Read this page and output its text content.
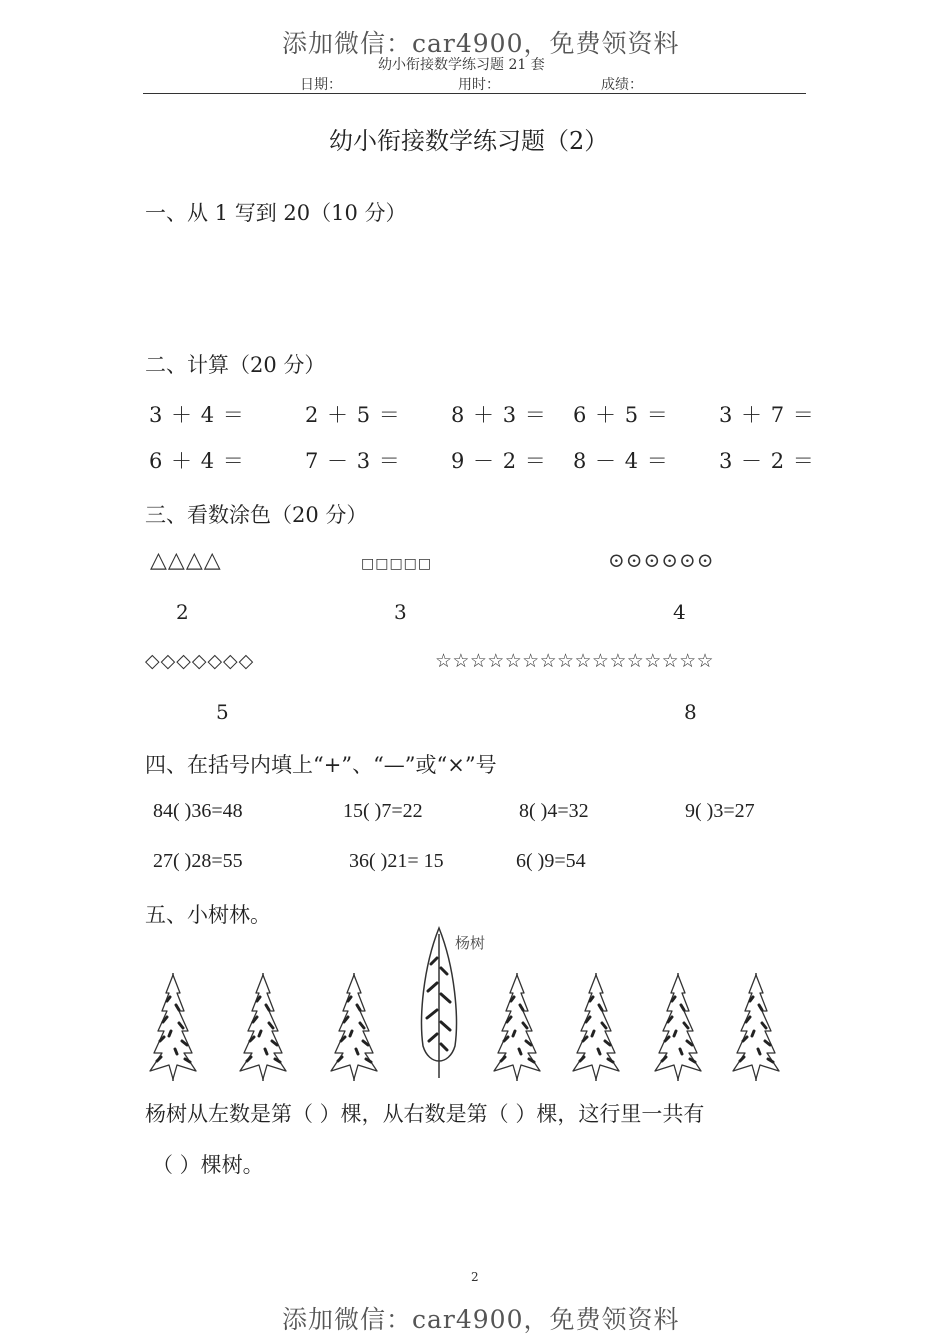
添加微信：car4900，免费领资料
幼小衔接数学练习题 21 套
日期：	用时：	成绩：
幼小衔接数学练习题（2）
一、从 1 写到 20（10 分）
二、计算（20 分）
3 ＋ 4 ＝	2 ＋ 5 ＝ 8 ＋ 3 ＝ 6 ＋ 5 ＝ 3 ＋ 7 ＝
6 ＋ 4 ＝	7 － 3 ＝ 9 － 2 ＝ 8 － 4 ＝ 3 － 2 ＝
三、看数涂色（20 分）
△△△△	□□□□□	⊙⊙⊙⊙⊙⊙
2	3	4
◇◇◇◇◇◇◇	☆☆☆☆☆☆☆☆☆☆☆☆☆☆☆☆
5	8
四、在括号内填上“+”、“—”或“×”号
84( )36=48	15( )7=22	8( )4=32	9( )3=27
27( )28=55	36( )21= 15	6( )9=54
五、小树林。
杨树
杨树从左数是第（ ）棵，从右数是第（ ）棵，这行里一共有
（ ）棵树。
2
添加微信：car4900，免费领资料
